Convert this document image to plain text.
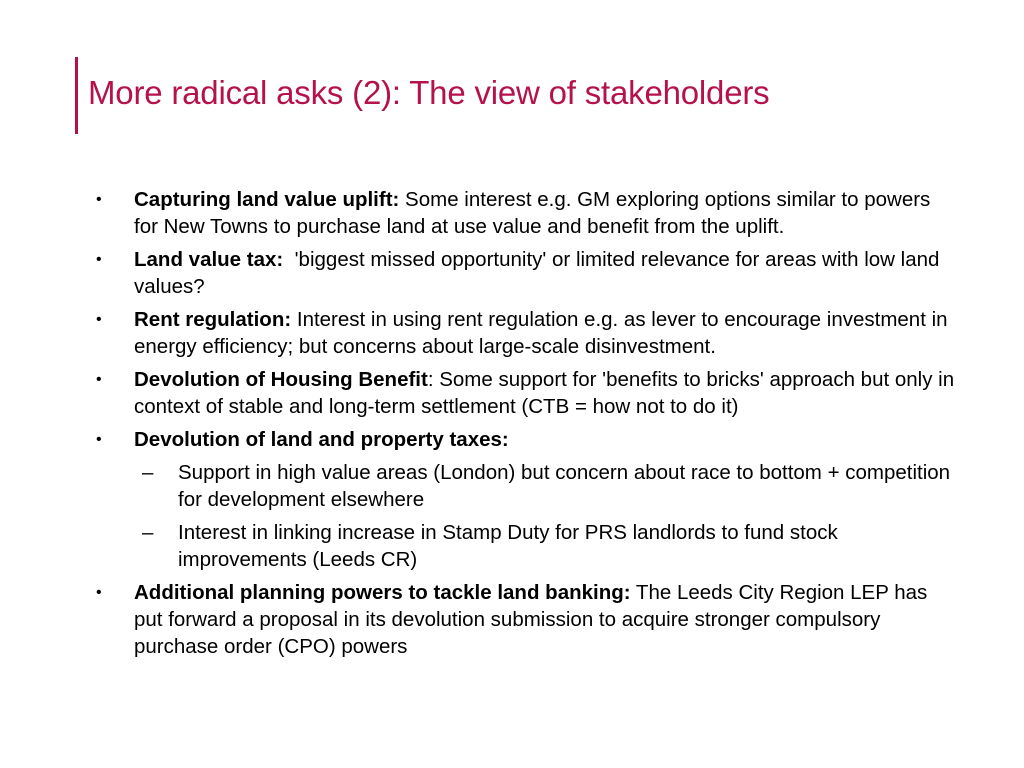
More radical asks (2): The view of stakeholders
• Capturing land value uplift: Some interest e.g. GM exploring options similar to powers for New Towns to purchase land at use value and benefit from the uplift.
• Land value tax:  'biggest missed opportunity' or limited relevance for areas with low land values?
• Rent regulation: Interest in using rent regulation e.g. as lever to encourage investment in energy efficiency; but concerns about large-scale disinvestment.
• Devolution of Housing Benefit: Some support for 'benefits to bricks' approach but only in context of stable and long-term settlement (CTB = how not to do it)
• Devolution of land and property taxes:
– Support in high value areas (London) but concern about race to bottom + competition for development elsewhere
– Interest in linking increase in Stamp Duty for PRS landlords to fund stock improvements (Leeds CR)
• Additional planning powers to tackle land banking: The Leeds City Region LEP has put forward a proposal in its devolution submission to acquire stronger compulsory purchase order (CPO) powers
